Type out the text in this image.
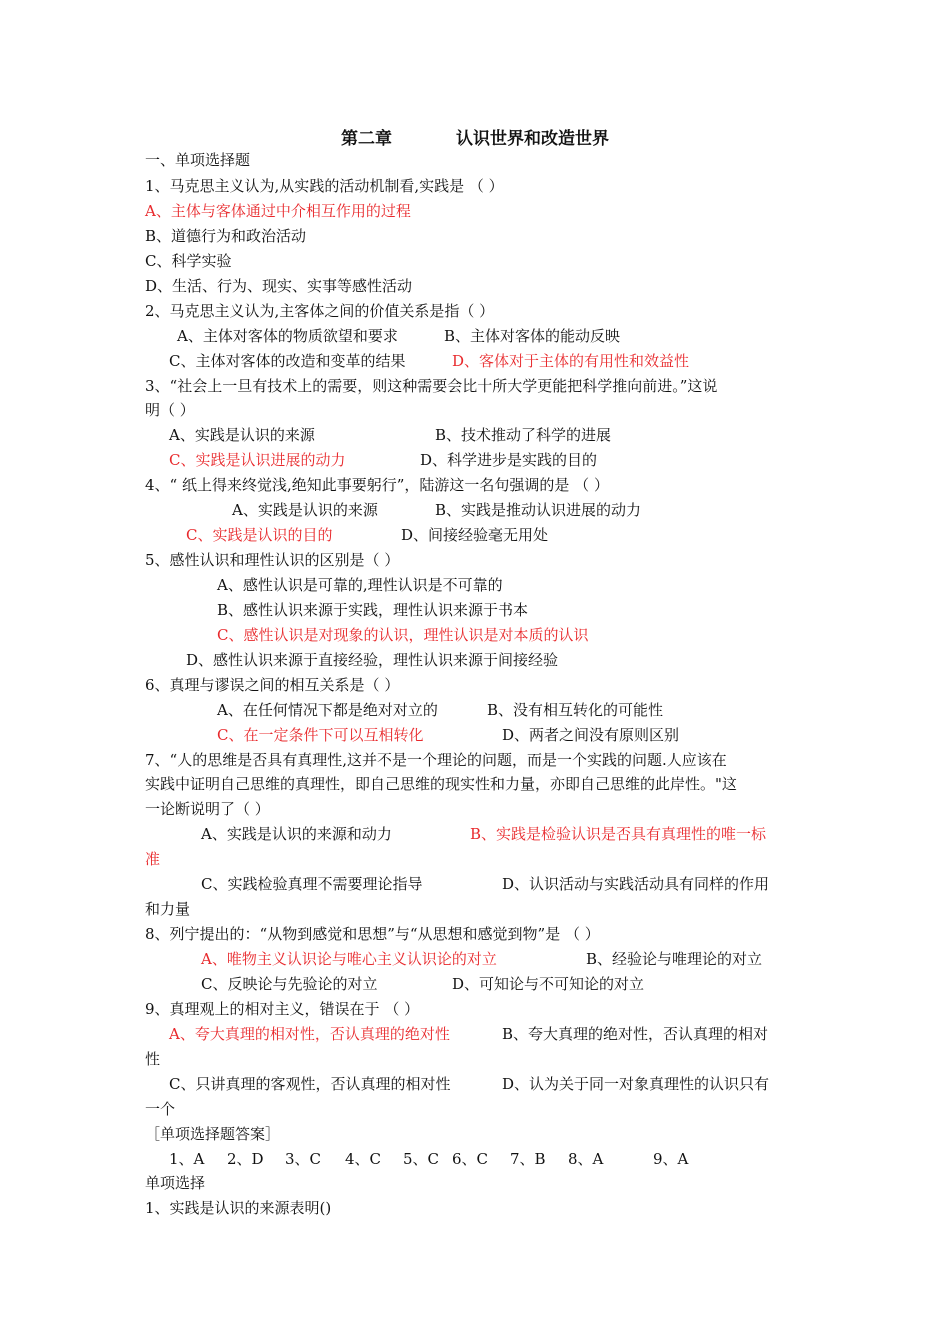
第二章	认识世界和改造世界
一、单项选择题
1、马克思主义认为,从实践的活动机制看,实践是 （ ）
A、主体与客体通过中介相互作用的过程
B、道德行为和政治活动
C、科学实验
D、生活、行为、现实、实事等感性活动
2、马克思主义认为,主客体之间的价值关系是指（ ）
A、主体对客体的物质欲望和要求	B、主体对客体的能动反映
C、主体对客体的改造和变革的结果	D、客体对于主体的有用性和效益性
3、“社会上一旦有技术上的需要，则这种需要会比十所大学更能把科学推向前进。”这说
明（ ）
A、实践是认识的来源	B、技术推动了科学的进展
C、实践是认识进展的动力	D、科学进步是实践的目的
4、“ 纸上得来终觉浅,绝知此事要躬行”，陆游这一名句强调的是 （ ）
A、实践是认识的来源	B、实践是推动认识进展的动力
C、实践是认识的目的	D、间接经验毫无用处
5、感性认识和理性认识的区别是（ ）
A、感性认识是可靠的,理性认识是不可靠的
B、感性认识来源于实践，理性认识来源于书本
C、感性认识是对现象的认识，理性认识是对本质的认识
D、感性认识来源于直接经验，理性认识来源于间接经验
6、真理与谬误之间的相互关系是（ ）
A、在任何情况下都是绝对对立的	B、没有相互转化的可能性
C、在一定条件下可以互相转化	D、两者之间没有原则区别
7、“人的思维是否具有真理性,这并不是一个理论的问题，而是一个实践的问题.人应该在
实践中证明自己思维的真理性，即自己思维的现实性和力量，亦即自己思维的此岸性。"这
一论断说明了（ ）
A、实践是认识的来源和动力	B、实践是检验认识是否具有真理性的唯一标
准
C、实践检验真理不需要理论指导	D、认识活动与实践活动具有同样的作用
和力量
8、列宁提出的：“从物到感觉和思想”与“从思想和感觉到物”是 （ ）
A、唯物主义认识论与唯心主义认识论的对立	B、经验论与唯理论的对立
C、反映论与先验论的对立	D、可知论与不可知论的对立
9、真理观上的相对主义，错误在于 （ ）
A、夸大真理的相对性，否认真理的绝对性	B、夸大真理的绝对性，否认真理的相对
性
C、只讲真理的客观性，否认真理的相对性	D、认为关于同一对象真理性的认识只有
一个
［单项选择题答案］
1、A 2、D 3、C 4、C 5、C 6、C 7、B 8、A	9、A
单项选择
1、实践是认识的来源表明()
